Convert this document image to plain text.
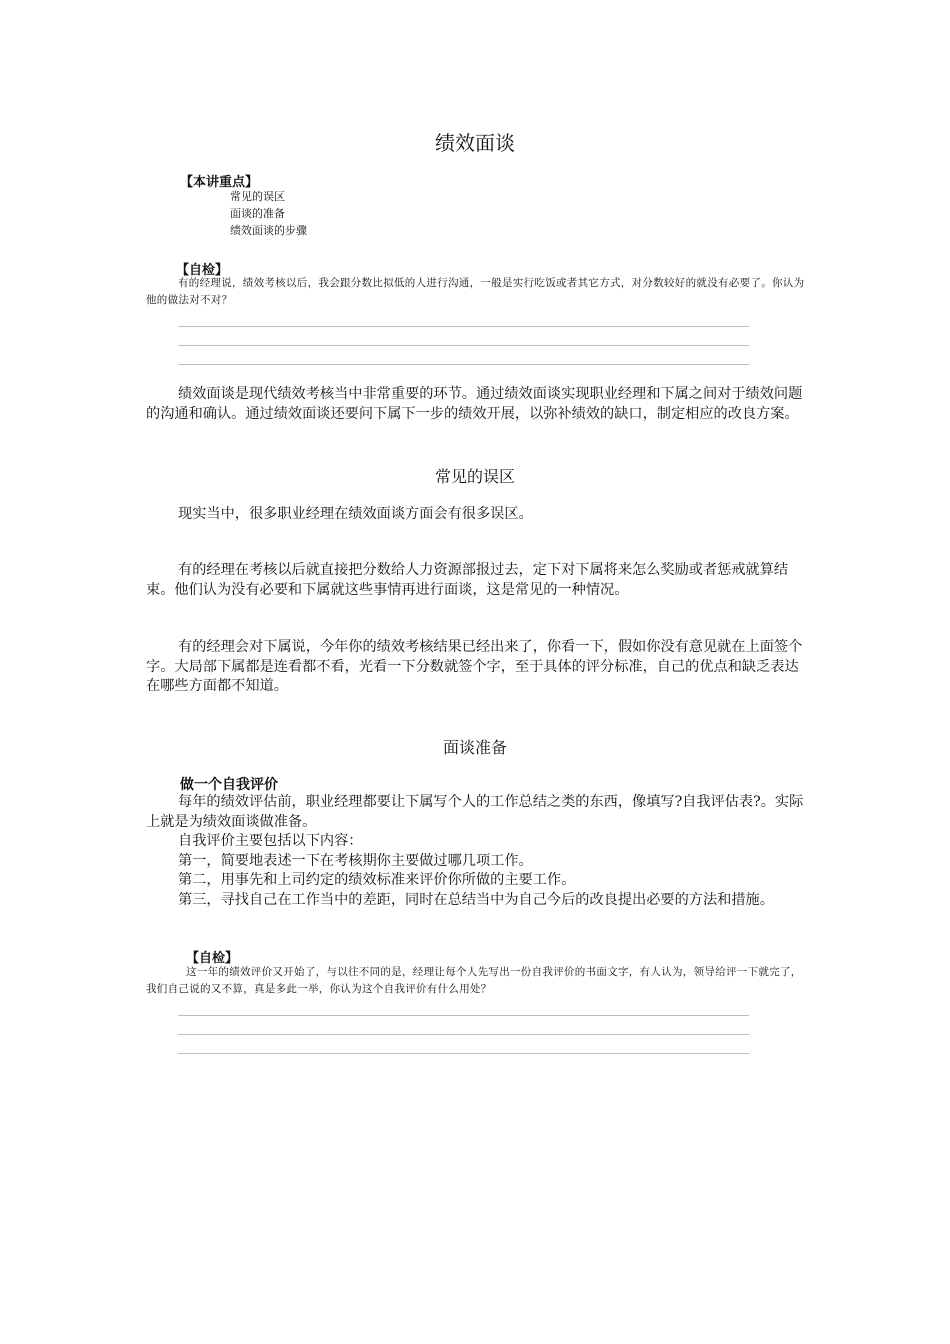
绩效面谈
【本讲重点】

常见的误区

面谈的准备

绩效面谈的步骤

【自检】
有的经理说，绩效考核以后，我会跟分数比拟低的人进行沟通，一般是实行吃饭或者其它方式，对分数较好的就没有必要了。你认为他的做法对不对？
绩效面谈是现代绩效考核当中非常重要的环节。通过绩效面谈实现职业经理和下属之间对于绩效问题的沟通和确认。通过绩效面谈还要问下属下一步的绩效开展，以弥补绩效的缺口，制定相应的改良方案。
常见的误区
现实当中，很多职业经理在绩效面谈方面会有很多误区。
有的经理在考核以后就直接把分数给人力资源部报过去，定下对下属将来怎么奖励或者惩戒就算结束。他们认为没有必要和下属就这些事情再进行面谈，这是常见的一种情况。
有的经理会对下属说，今年你的绩效考核结果已经出来了，你看一下，假如你没有意见就在上面签个字。大局部下属都是连看都不看，光看一下分数就签个字，至于具体的评分标准，自己的优点和缺乏表达在哪些方面都不知道。
面谈准备
做一个自我评价

每年的绩效评估前，职业经理都要让下属写个人的工作总结之类的东西，像填写?自我评估表?。实际上就是为绩效面谈做准备。

自我评价主要包括以下内容：

第一，简要地表述一下在考核期你主要做过哪几项工作。

第二，用事先和上司约定的绩效标准来评价你所做的主要工作。

第三，寻找自己在工作当中的差距，同时在总结当中为自己今后的改良提出必要的方法和措施。

【自检】
这一年的绩效评价又开始了，与以往不同的是，经理让每个人先写出一份自我评价的书面文字，有人认为，领导给评一下就完了，我们自己说的又不算，真是多此一举，你认为这个自我评价有什么用处？
